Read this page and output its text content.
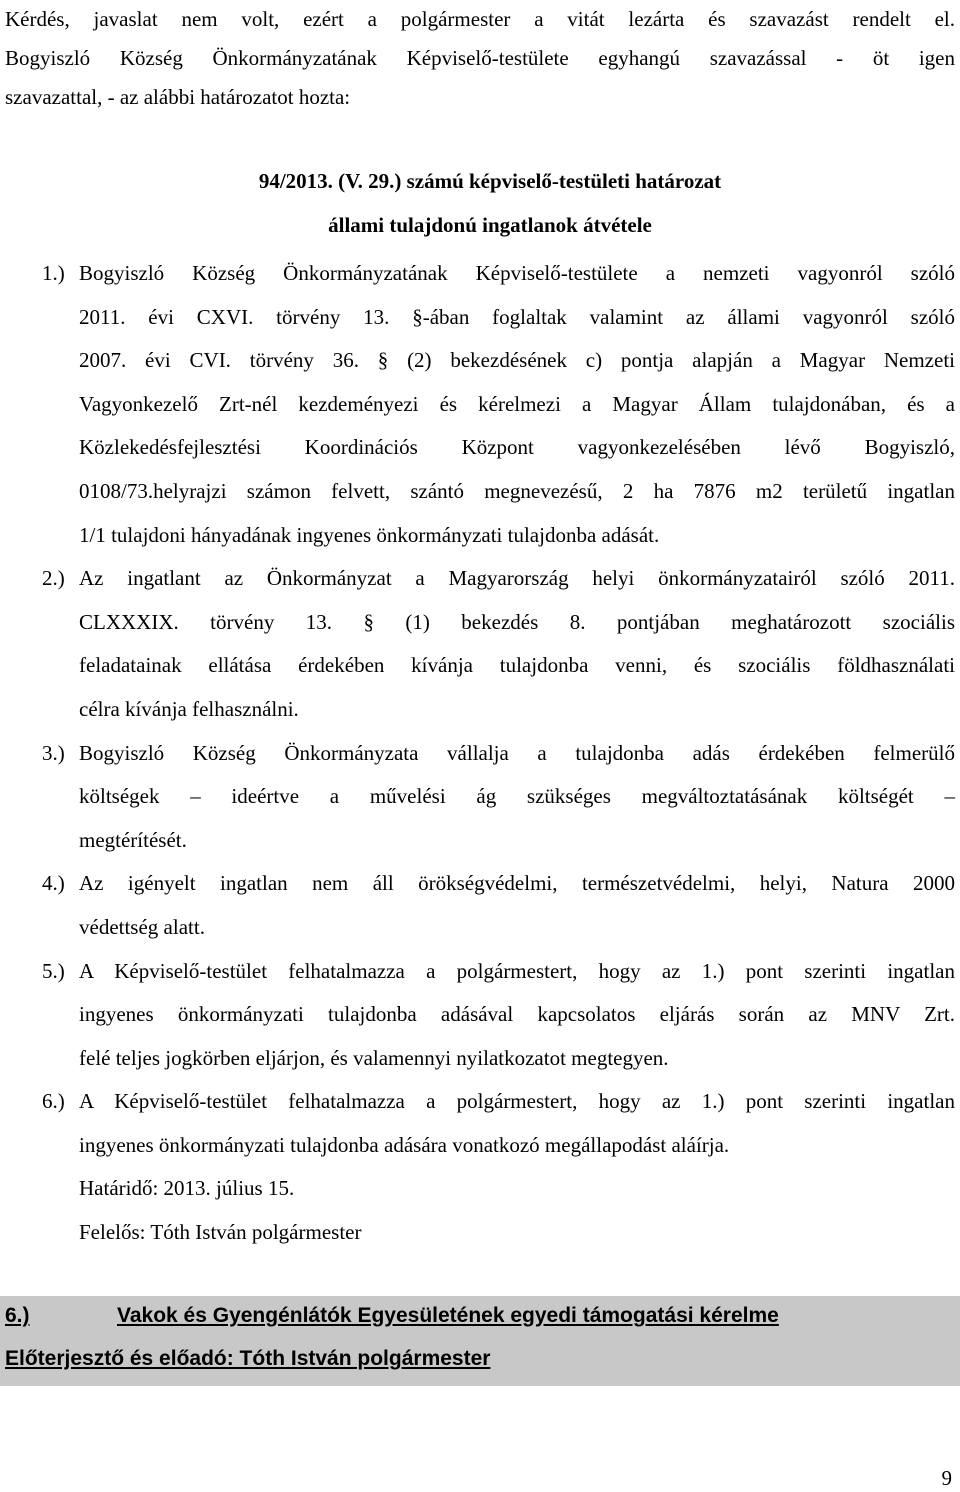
Kérdés, javaslat nem volt, ezért a polgármester a vitát lezárta és szavazást rendelt el.
Bogyiszló Község Önkormányzatának Képviselő-testülete egyhangú szavazással - öt igen
szavazattal, - az alábbi határozatot hozta:
94/2013. (V. 29.) számú képviselő-testületi határozat
állami tulajdonú ingatlanok átvétele
1.) Bogyiszló Község Önkormányzatának Képviselő-testülete a nemzeti vagyonról szóló
2011. évi CXVI. törvény 13. §-ában foglaltak valamint az állami vagyonról szóló
2007. évi CVI. törvény 36. § (2) bekezdésének c) pontja alapján a Magyar Nemzeti
Vagyonkezelő Zrt-nél kezdeményezi és kérelmezi a Magyar Állam tulajdonában, és a
Közlekedésfejlesztési Koordinációs Központ vagyonkezelésében lévő Bogyiszló,
0108/73.helyrajzi számon felvett, szántó megnevezésű, 2 ha 7876 m2 területű ingatlan
1/1 tulajdoni hányadának ingyenes önkormányzati tulajdonba adását.
2.) Az ingatlant az Önkormányzat a Magyarország helyi önkormányzatairól szóló 2011.
CLXXXIX. törvény 13. § (1) bekezdés 8. pontjában meghatározott szociális
feladatainak ellátása érdekében kívánja tulajdonba venni, és szociális földhasználati
célra kívánja felhasználni.
3.) Bogyiszló Község Önkormányzata vállalja a tulajdonba adás érdekében felmerülő
költségek – ideértve a művelési ág szükséges megváltoztatásának költségét –
megtérítését.
4.) Az igényelt ingatlan nem áll örökségvédelmi, természetvédelmi, helyi, Natura 2000
védettség alatt.
5.) A Képviselő-testület felhatalmazza a polgármestert, hogy az 1.) pont szerinti ingatlan
ingyenes önkormányzati tulajdonba adásával kapcsolatos eljárás során az MNV Zrt.
felé teljes jogkörben eljárjon, és valamennyi nyilatkozatot megtegyen.
6.) A Képviselő-testület felhatalmazza a polgármestert, hogy az 1.) pont szerinti ingatlan
ingyenes önkormányzati tulajdonba adására vonatkozó megállapodást aláírja.
Határidő: 2013. július 15.
Felelős: Tóth István polgármester
6.)	Vakok és Gyengénlátók Egyesületének egyedi támogatási kérelme
Előterjesztő és előadó: Tóth István polgármester
9
